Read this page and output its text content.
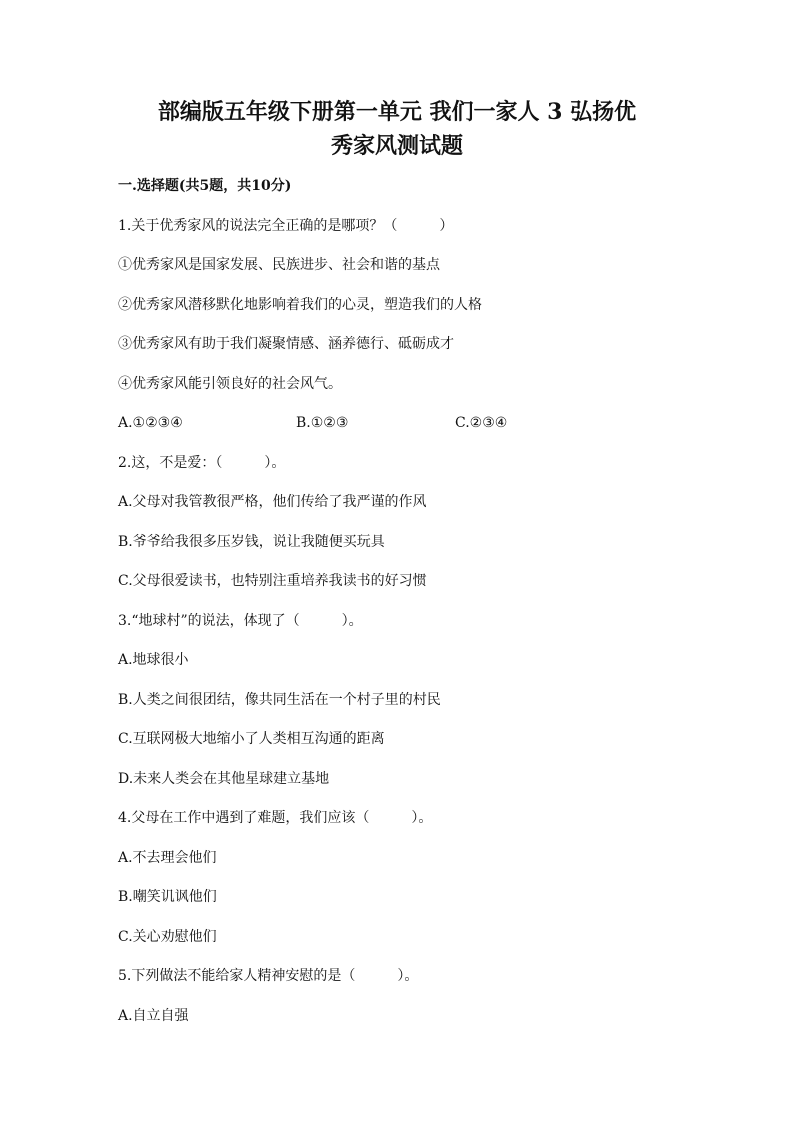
部编版五年级下册第一单元 我们一家人 3 弘扬优
秀家风测试题
一.选择题(共5题，共10分)
1.关于优秀家风的说法完全正确的是哪项？（　　　）
①优秀家风是国家发展、民族进步、社会和谐的基点
②优秀家风潜移默化地影响着我们的心灵，塑造我们的人格
③优秀家风有助于我们凝聚情感、涵养德行、砥砺成才
④优秀家风能引领良好的社会风气。
A.①②③④	B.①②③	C.②③④
2.这，不是爱：（　　　）。
A.父母对我管教很严格，他们传给了我严谨的作风
B.爷爷给我很多压岁钱，说让我随便买玩具
C.父母很爱读书，也特别注重培养我读书的好习惯
3.“地球村”的说法，体现了（　　　）。
A.地球很小
B.人类之间很团结，像共同生活在一个村子里的村民
C.互联网极大地缩小了人类相互沟通的距离
D.未来人类会在其他星球建立基地
4.父母在工作中遇到了难题，我们应该（　　　）。
A.不去理会他们
B.嘲笑讥讽他们
C.关心劝慰他们
5.下列做法不能给家人精神安慰的是（　　　）。
A.自立自强
